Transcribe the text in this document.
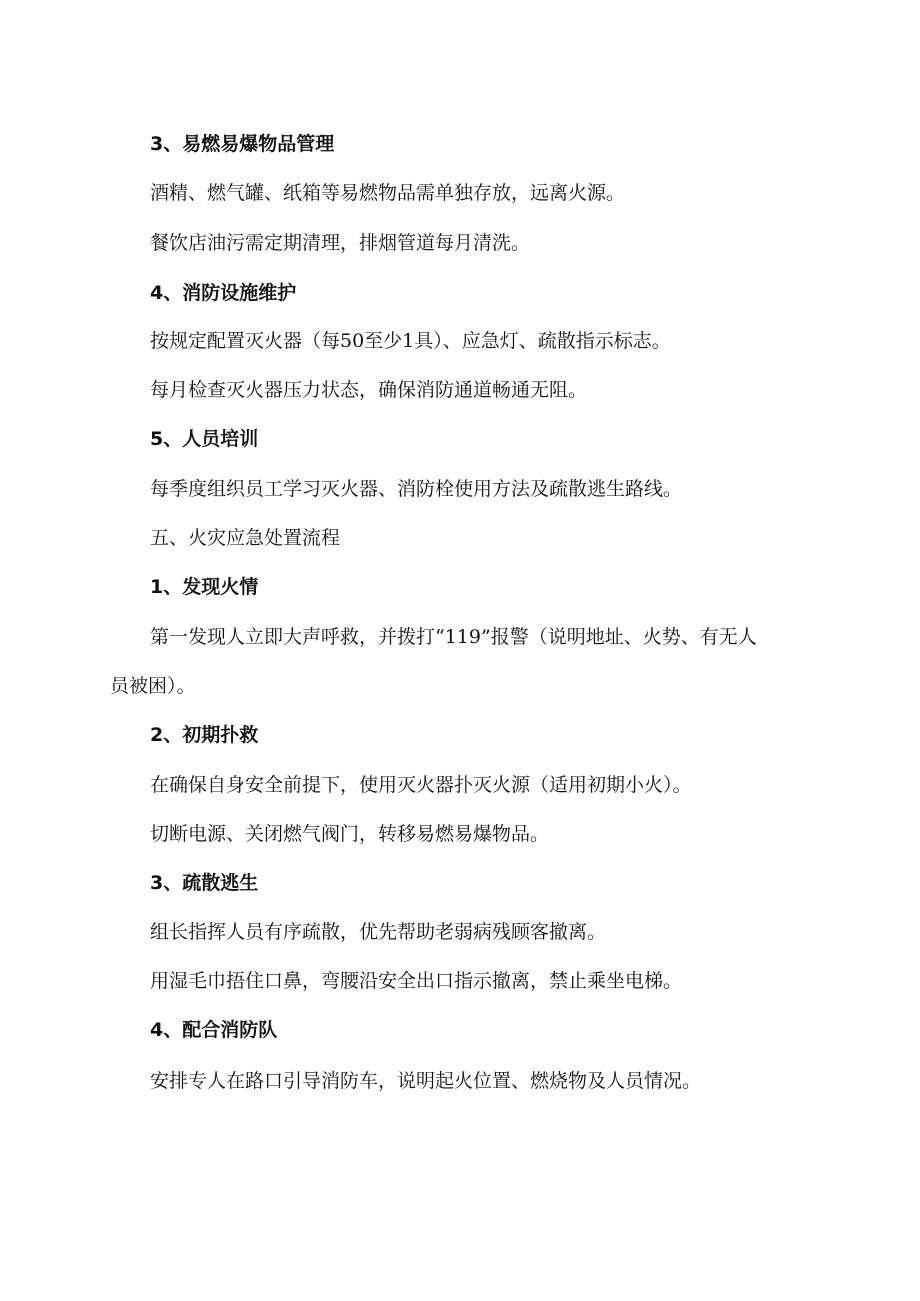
3、易燃易爆物品管理
酒精、燃气罐、纸箱等易燃物品需单独存放，远离火源。
餐饮店油污需定期清理，排烟管道每月清洗。
4、消防设施维护
按规定配置灭火器（每50至少1具）、应急灯、疏散指示标志。
每月检查灭火器压力状态，确保消防通道畅通无阻。
5、人员培训
每季度组织员工学习灭火器、消防栓使用方法及疏散逃生路线。
五、火灾应急处置流程
1、发现火情
第一发现人立即大声呼救，并拨打“119”报警（说明地址、火势、有无人
员被困）。
2、初期扑救
在确保自身安全前提下，使用灭火器扑灭火源（适用初期小火）。
切断电源、关闭燃气阀门，转移易燃易爆物品。
3、疏散逃生
组长指挥人员有序疏散，优先帮助老弱病残顾客撤离。
用湿毛巾捂住口鼻，弯腰沿安全出口指示撤离，禁止乘坐电梯。
4、配合消防队
安排专人在路口引导消防车，说明起火位置、燃烧物及人员情况。
